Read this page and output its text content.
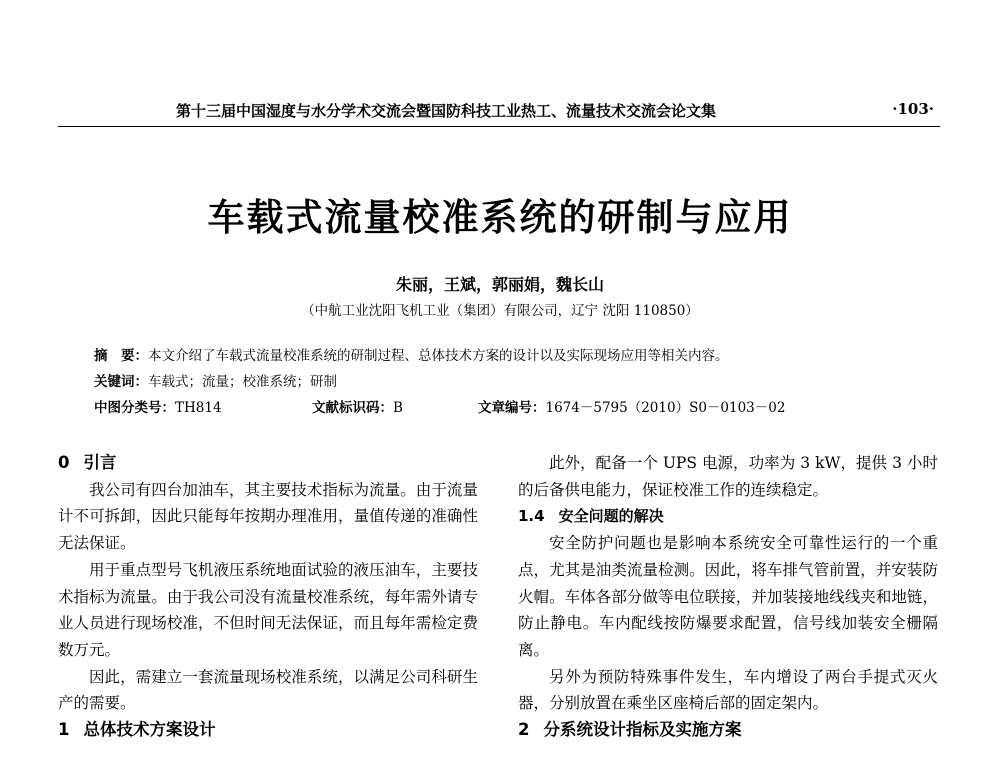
第十三届中国湿度与水分学术交流会暨国防科技工业热工、流量技术交流会论文集	·103·
车载式流量校准系统的研制与应用
朱丽，王斌，郭丽娟，魏长山
（中航工业沈阳飞机工业（集团）有限公司，辽宁 沈阳 110850）
摘　要：本文介绍了车载式流量校准系统的研制过程、总体技术方案的设计以及实际现场应用等相关内容。
关键词：车载式；流量；校准系统；研制
中图分类号：TH814	文献标识码：B	文章编号：1674－5795（2010）S0－0103－02
0 引言

我公司有四台加油车，其主要技术指标为流量。由于流量计不可拆卸，因此只能每年按期办理准用，量值传递的准确性无法保证。

用于重点型号飞机液压系统地面试验的液压油车，主要技术指标为流量。由于我公司没有流量校准系统，每年需外请专业人员进行现场校准，不但时间无法保证，而且每年需检定费数万元。

因此，需建立一套流量现场校准系统，以满足公司科研生产的需要。

1 总体技术方案设计

此外，配备一个 UPS 电源，功率为 3 kW，提供 3 小时的后备供电能力，保证校准工作的连续稳定。

1.4 安全问题的解决

安全防护问题也是影响本系统安全可靠性运行的一个重点，尤其是油类流量检测。因此，将车排气管前置，并安装防火帽。车体各部分做等电位联接，并加装接地线线夹和地链，防止静电。车内配线按防爆要求配置，信号线加装安全栅隔离。

另外为预防特殊事件发生，车内增设了两台手提式灭火器，分别放置在乘坐区座椅后部的固定架内。

2 分系统设计指标及实施方案
